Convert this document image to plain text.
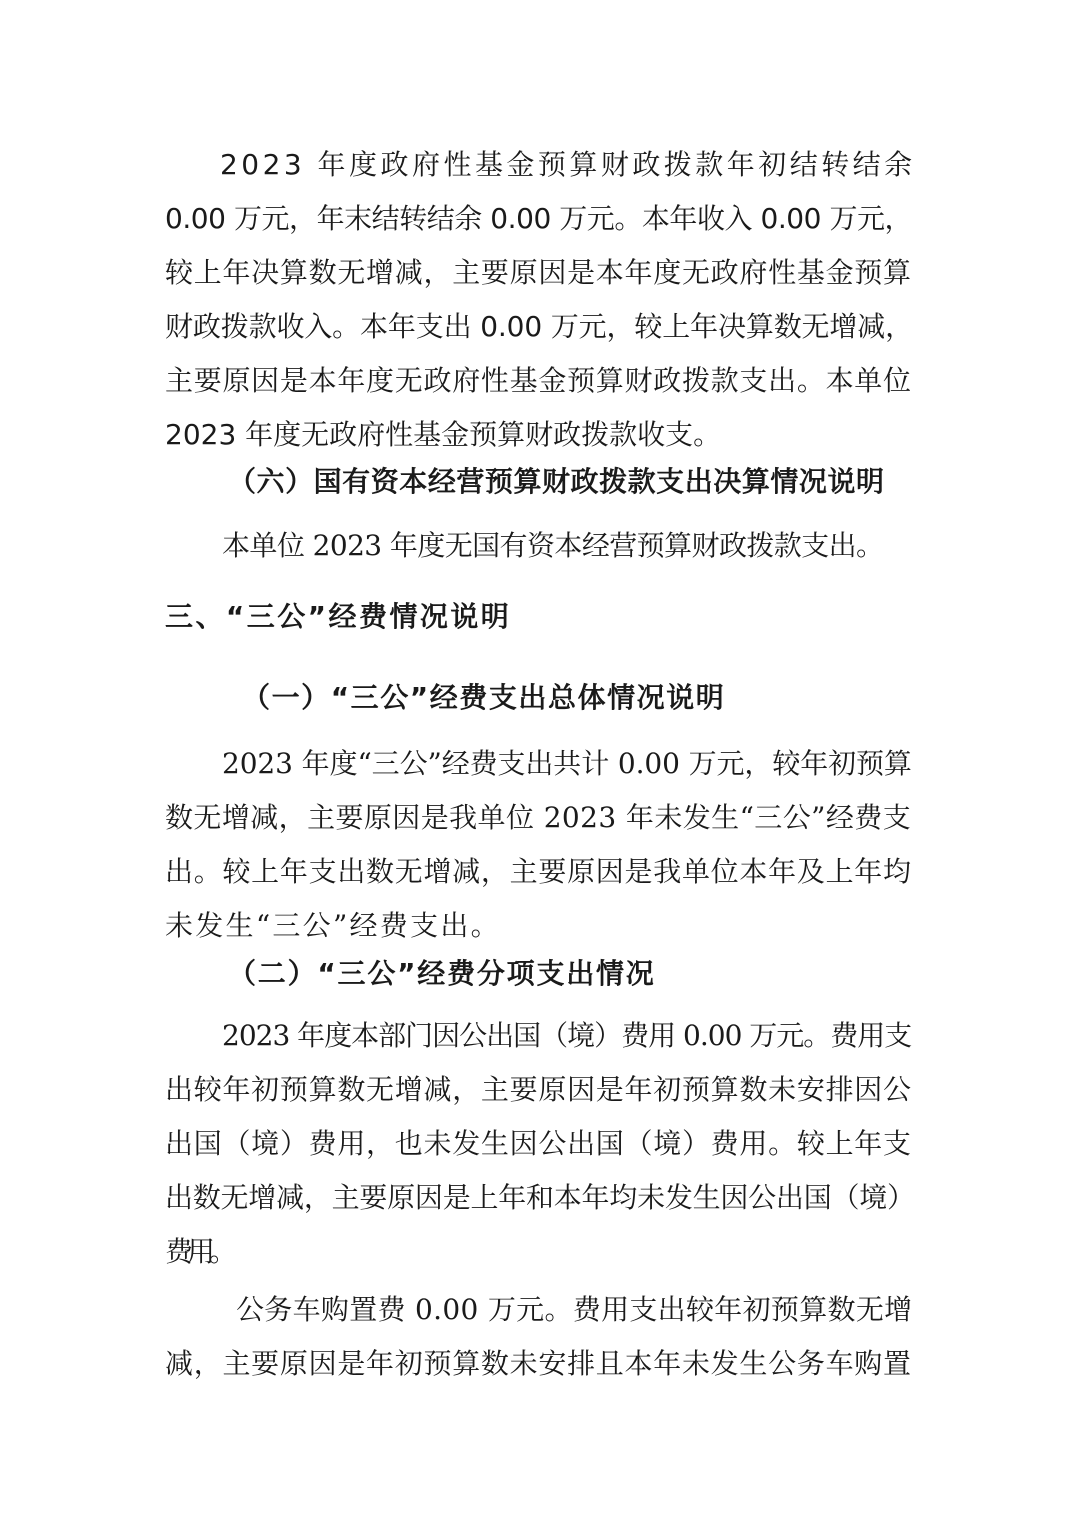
2023 年度政府性基金预算财政拨款年初结转结余
0.00 万元，年末结转结余 0.00 万元。本年收入 0.00 万元，
较上年决算数无增减，主要原因是本年度无政府性基金预算
财政拨款收入。本年支出 0.00 万元，较上年决算数无增减，
主要原因是本年度无政府性基金预算财政拨款支出。本单位
2023 年度无政府性基金预算财政拨款收支。
（六）国有资本经营预算财政拨款支出决算情况说明
本单位 2023 年度无国有资本经营预算财政拨款支出。
三、“三公”经费情况说明
（一）“三公”经费支出总体情况说明
2023 年度“三公”经费支出共计 0.00 万元，较年初预算
数无增减，主要原因是我单位 2023 年未发生“三公”经费支
出。较上年支出数无增减，主要原因是我单位本年及上年均
未发生“三公”经费支出。
（二）“三公”经费分项支出情况
2023 年度本部门因公出国（境）费用 0.00 万元。费用支
出较年初预算数无增减，主要原因是年初预算数未安排因公
出国（境）费用，也未发生因公出国（境）费用。较上年支
出数无增减，主要原因是上年和本年均未发生因公出国（境）
费用。
公务车购置费 0.00 万元。费用支出较年初预算数无增
减，主要原因是年初预算数未安排且本年未发生公务车购置
